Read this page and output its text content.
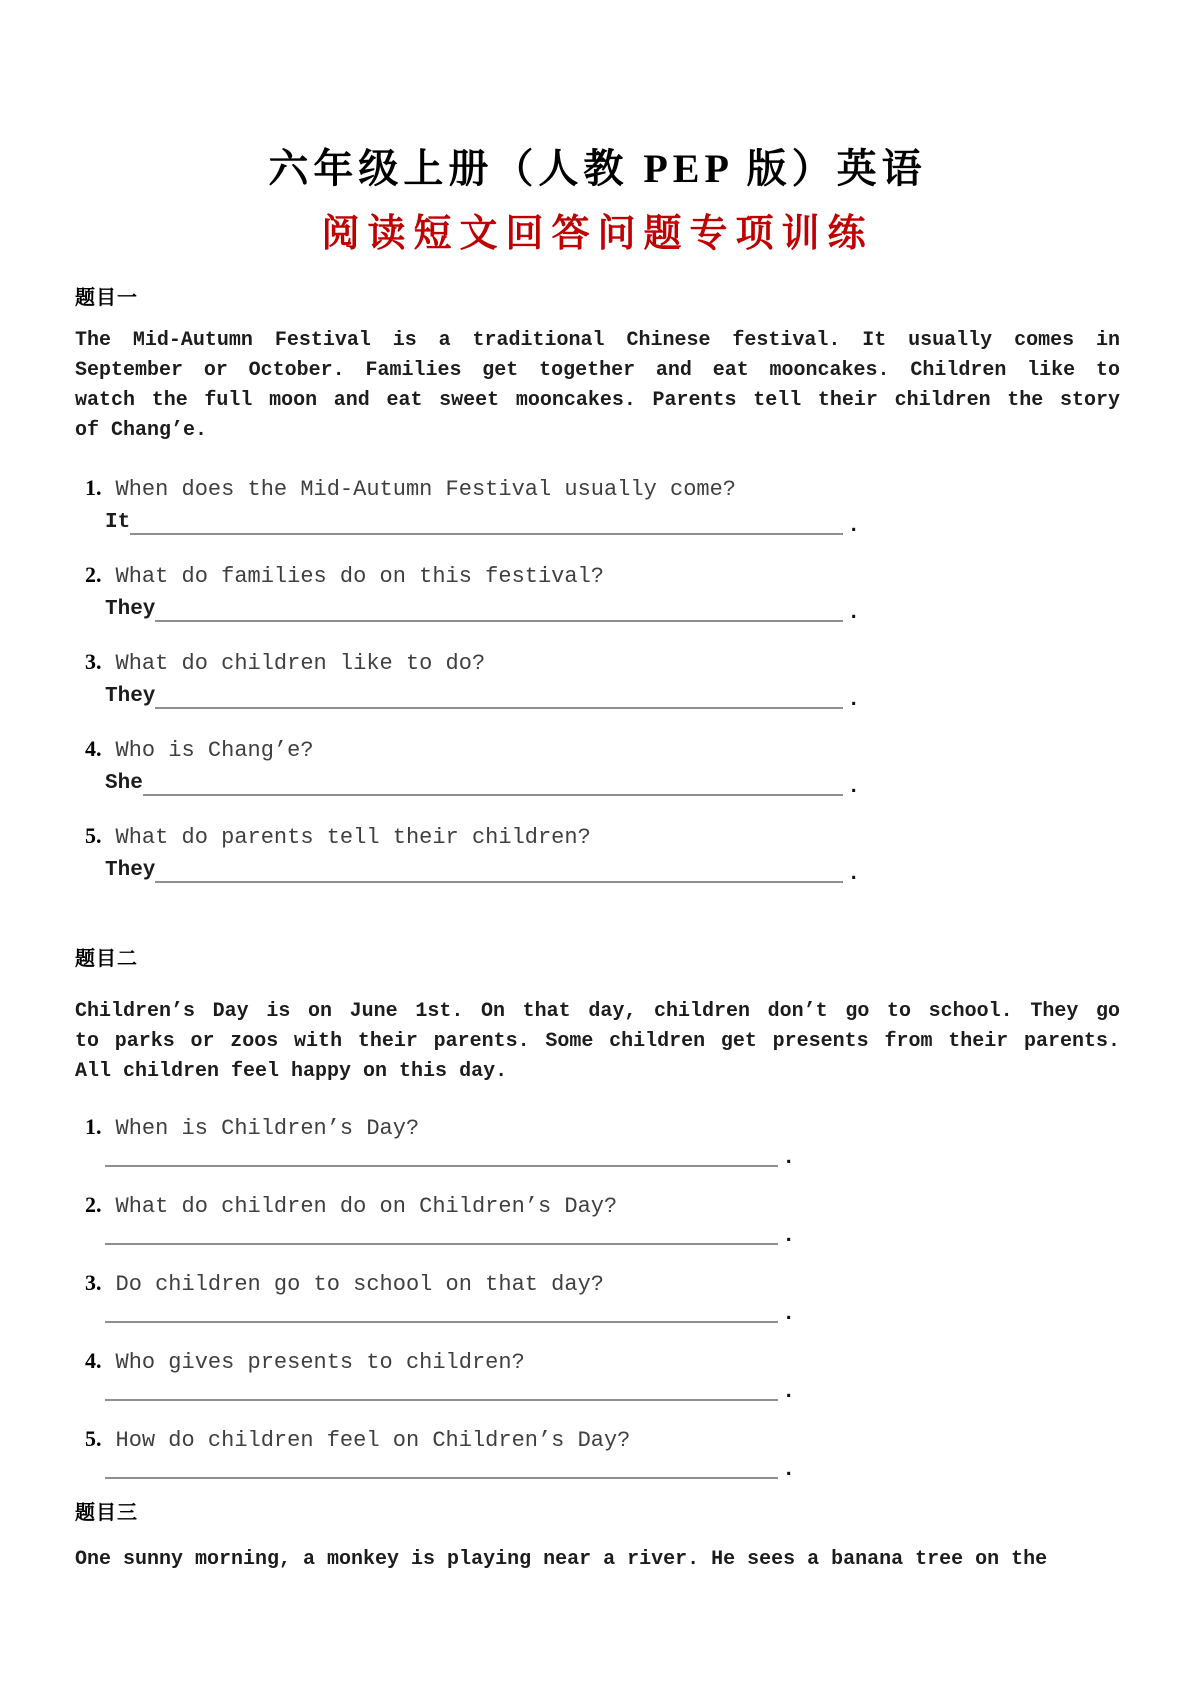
六年级上册（人教 PEP 版）英语
阅读短文回答问题专项训练
题目一
The Mid-Autumn Festival is a traditional Chinese festival. It usually comes in
September or October. Families get together and eat mooncakes. Children like to
watch the full moon and eat sweet mooncakes. Parents tell their children the story
of Chang’e.
1. When does the Mid-Autumn Festival usually come?
It	.
2. What do families do on this festival?
They	.
3. What do children like to do?
They	.
4. Who is Chang’e?
She	.
5. What do parents tell their children?
They	.
题目二
Children’s Day is on June 1st. On that day, children don’t go to school. They go
to parks or zoos with their parents. Some children get presents from their parents.
All children feel happy on this day.
1. When is Children’s Day?
.
2. What do children do on Children’s Day?
.
3. Do children go to school on that day?
.
4. Who gives presents to children?
.
5. How do children feel on Children’s Day?
.
题目三
One sunny morning, a monkey is playing near a river. He sees a banana tree on the
